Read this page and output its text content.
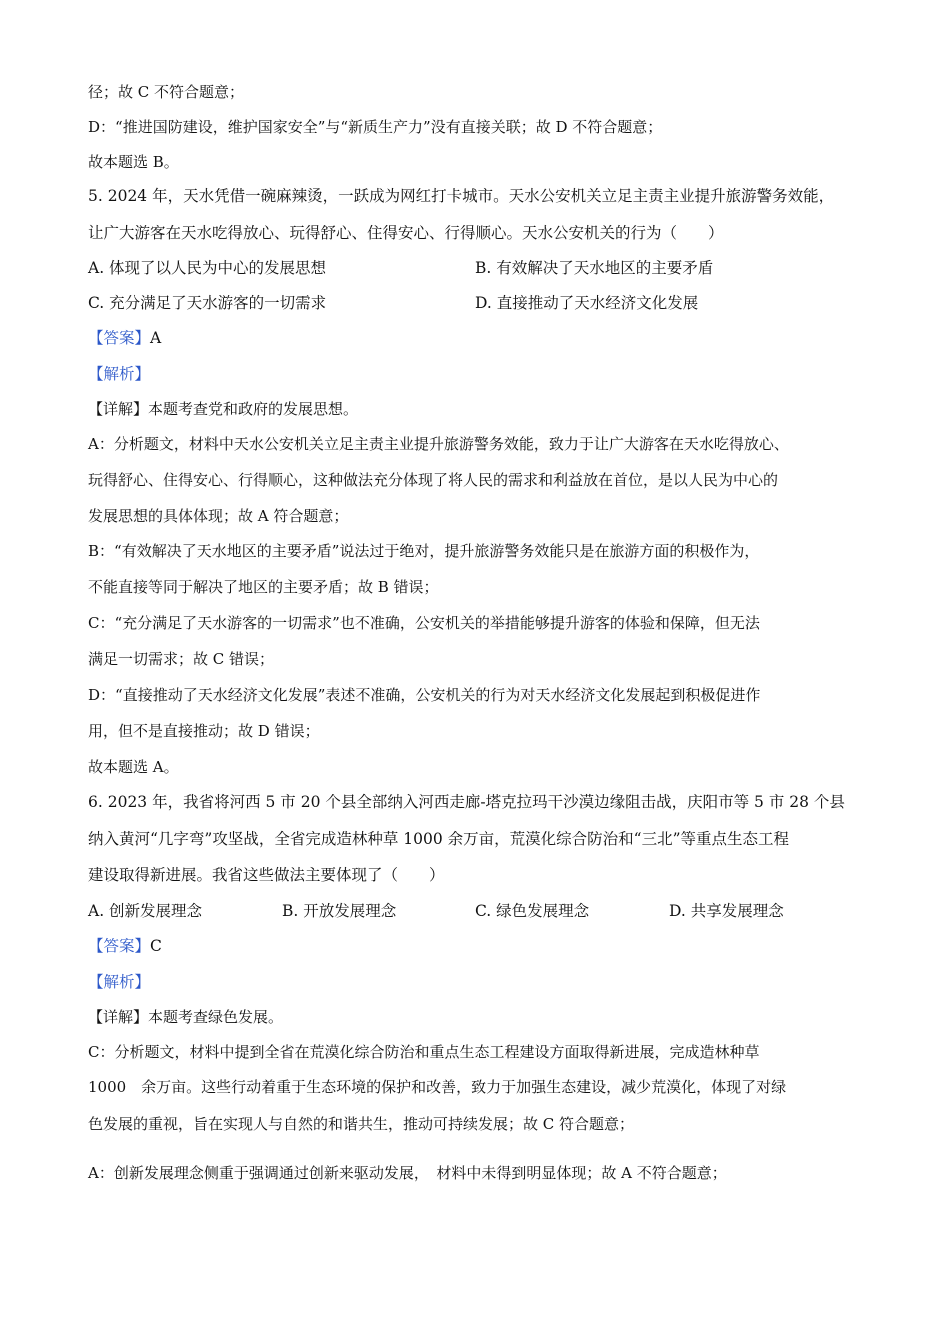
径；故 C 不符合题意；
D：“推进国防建设，维护国家安全”与“新质生产力”没有直接关联；故 D 不符合题意；
故本题选 B。
5. 2024 年，天水凭借一碗麻辣烫，一跃成为网红打卡城市。天水公安机关立足主责主业提升旅游警务效能，
让广大游客在天水吃得放心、玩得舒心、住得安心、行得顺心。天水公安机关的行为（　　）
A. 体现了以人民为中心的发展思想	B. 有效解决了天水地区的主要矛盾
C. 充分满足了天水游客的一切需求	D. 直接推动了天水经济文化发展
【答案】A
【解析】
【详解】本题考查党和政府的发展思想。
A：分析题文，材料中天水公安机关立足主责主业提升旅游警务效能，致力于让广大游客在天水吃得放心、
玩得舒心、住得安心、行得顺心，这种做法充分体现了将人民的需求和利益放在首位，是以人民为中心的
发展思想的具体体现；故 A 符合题意；
B：“有效解决了天水地区的主要矛盾”说法过于绝对，提升旅游警务效能只是在旅游方面的积极作为，
不能直接等同于解决了地区的主要矛盾；故 B 错误；
C：“充分满足了天水游客的一切需求”也不准确，公安机关的举措能够提升游客的体验和保障，但无法
满足一切需求；故 C 错误；
D：“直接推动了天水经济文化发展”表述不准确，公安机关的行为对天水经济文化发展起到积极促进作
用，但不是直接推动；故 D 错误；
故本题选 A。
6. 2023 年，我省将河西 5 市 20 个县全部纳入河西走廊-塔克拉玛干沙漠边缘阻击战，庆阳市等 5 市 28 个县
纳入黄河“几字弯”攻坚战，全省完成造林种草 1000 余万亩，荒漠化综合防治和“三北”等重点生态工程
建设取得新进展。我省这些做法主要体现了（　　）
A. 创新发展理念	B. 开放发展理念	C. 绿色发展理念	D. 共享发展理念
【答案】C
【解析】
【详解】本题考查绿色发展。
C：分析题文，材料中提到全省在荒漠化综合防治和重点生态工程建设方面取得新进展，完成造林种草
1000　余万亩。这些行动着重于生态环境的保护和改善，致力于加强生态建设，减少荒漠化，体现了对绿
色发展的重视，旨在实现人与自然的和谐共生，推动可持续发展；故 C 符合题意；
A：创新发展理念侧重于强调通过创新来驱动发展，　材料中未得到明显体现；故 A 不符合题意；
